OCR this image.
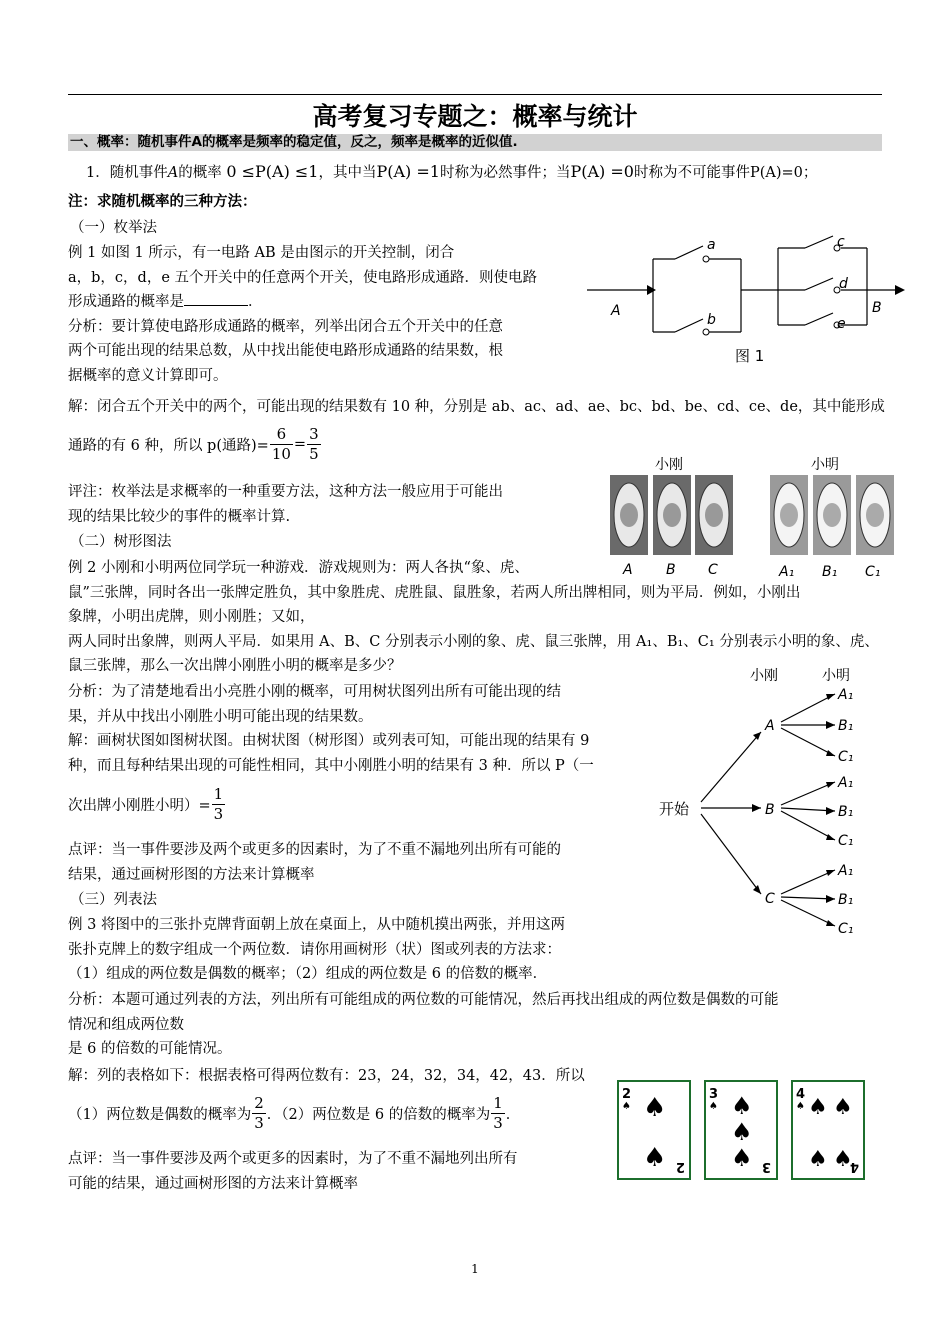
高考复习专题之：概率与统计
一、概率：随机事件A的概率是频率的稳定值，反之，频率是概率的近似值.
1．随机事件A的概率 0 ≤P(A) ≤1，其中当P(A) =1时称为必然事件；当P(A) =0时称为不可能事件P(A)=0；
注：求随机概率的三种方法：
（一）枚举法
例 1 如图 1 所示，有一电路 AB 是由图示的开关控制，闭合
a，b，c，d，e 五个开关中的任意两个开关，使电路形成通路．则使电路
形成通路的概率是	．
分析：要计算使电路形成通路的概率，列举出闭合五个开关中的任意
两个可能出现的结果总数，从中找出能使电路形成通路的结果数，根
据概率的意义计算即可。
解：闭合五个开关中的两个，可能出现的结果数有 10 种，分别是 ab、ac、ad、ae、bc、bd、be、cd、ce、de，其中能形成
通路的有 6 种，所以 p(通路)= $\frac{6}{10} = \frac{3}{5}$
评注：枚举法是求概率的一种重要方法，这种方法一般应用于可能出
现的结果比较少的事件的概率计算.
a
b
c
d
e
A	B
图 1
小刚	小明
A B C	A₁ B₁ C₁
（二）树形图法
例 2 小刚和小明两位同学玩一种游戏．游戏规则为：两人各执“象、虎、
鼠”三张牌，同时各出一张牌定胜负，其中象胜虎、虎胜鼠、鼠胜象，若两人所出牌相同，则为平局．例如，小刚出
象牌，小明出虎牌，则小刚胜；又如，
两人同时出象牌，则两人平局．如果用 A、B、C 分别表示小刚的象、虎、鼠三张牌，用 A₁、B₁、C₁ 分别表示小明的象、虎、
鼠三张牌，那么一次出牌小刚胜小明的概率是多少？
分析：为了清楚地看出小亮胜小刚的概率，可用树状图列出所有可能出现的结
果，并从中找出小刚胜小明可能出现的结果数。
解：画树状图如图树状图。由树状图（树形图）或列表可知，可能出现的结果有 9
种，而且每种结果出现的可能性相同，其中小刚胜小明的结果有 3 种．所以 P（一
次出牌小刚胜小明）= $\frac{1}{3}$
点评：当一事件要涉及两个或更多的因素时，为了不重不漏地列出所有可能的
结果，通过画树形图的方法来计算概率
小刚	小明
开始
A
B
C
A₁
B₁
C₁
A₁
B₁
C₁
A₁
B₁
C₁
（三）列表法
例 3 将图中的三张扑克牌背面朝上放在桌面上，从中随机摸出两张，并用这两
张扑克牌上的数字组成一个两位数．请你用画树形（状）图或列表的方法求：
（1）组成的两位数是偶数的概率；（2）组成的两位数是 6 的倍数的概率．
分析：本题可通过列表的方法，列出所有可能组成的两位数的可能情况，然后再找出组成的两位数是偶数的可能
情况和组成两位数
是 6 的倍数的可能情况。
解：列的表格如下：根据表格可得两位数有：23，24，32，34，42，43．所以
（1）两位数是偶数的概率为 $\frac{2}{3}$ ．（2）两位数是 6 的倍数的概率为 $\frac{1}{3}$ ．
点评：当一事件要涉及两个或更多的因素时，为了不重不漏地列出所有
可能的结果，通过画树形图的方法来计算概率
2
♠ ♠
♠ 2
3
♠ ♠
♠
♠ 3
4
♠ ♠ ♠
♠ ♠
4
1
